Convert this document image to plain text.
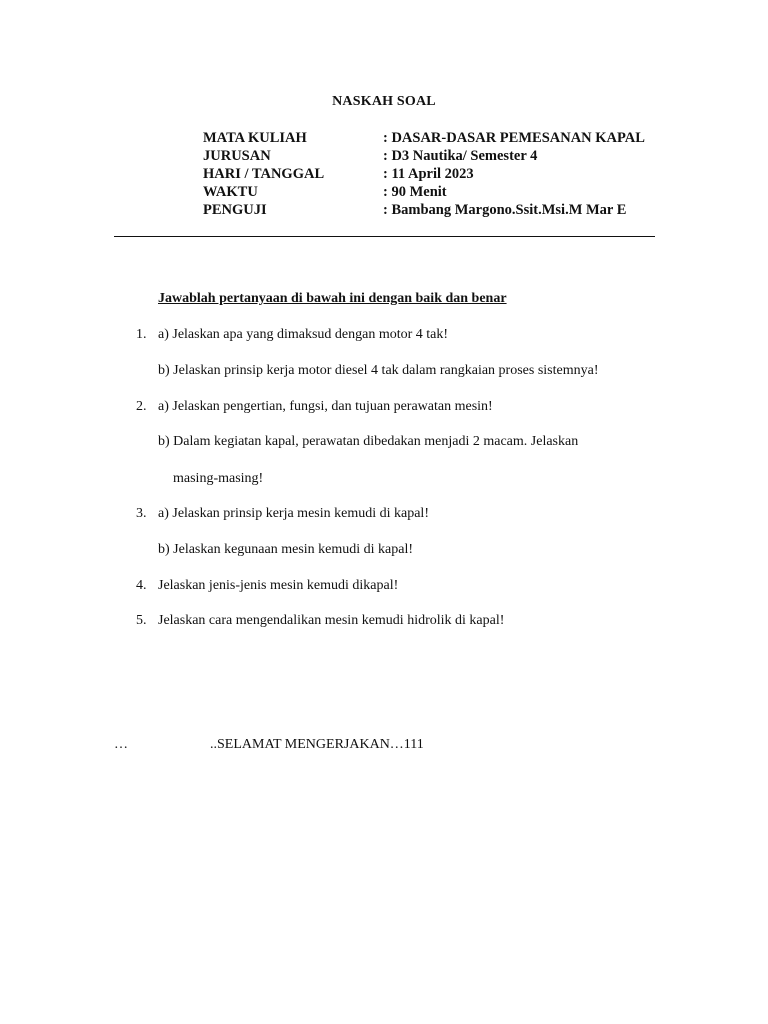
NASKAH SOAL
MATA KULIAH	: DASAR-DASAR PEMESANAN KAPAL
JURUSAN	: D3 Nautika/ Semester 4
HARI / TANGGAL	: 11 April 2023
WAKTU	: 90 Menit
PENGUJI	: Bambang Margono.Ssit.Msi.M Mar E
Jawablah pertanyaan di bawah ini dengan baik dan benar
1. a) Jelaskan apa yang dimaksud dengan motor 4 tak!
b) Jelaskan prinsip kerja motor diesel 4 tak dalam rangkaian proses sistemnya!
2. a) Jelaskan pengertian, fungsi, dan tujuan perawatan mesin!
b) Dalam kegiatan kapal, perawatan dibedakan menjadi 2 macam. Jelaskan
masing-masing!
3. a) Jelaskan prinsip kerja mesin kemudi di kapal!
b) Jelaskan kegunaan mesin kemudi di kapal!
4. Jelaskan jenis-jenis mesin kemudi dikapal!
5. Jelaskan cara mengendalikan mesin kemudi hidrolik di kapal!
…	..SELAMAT MENGERJAKAN…111
